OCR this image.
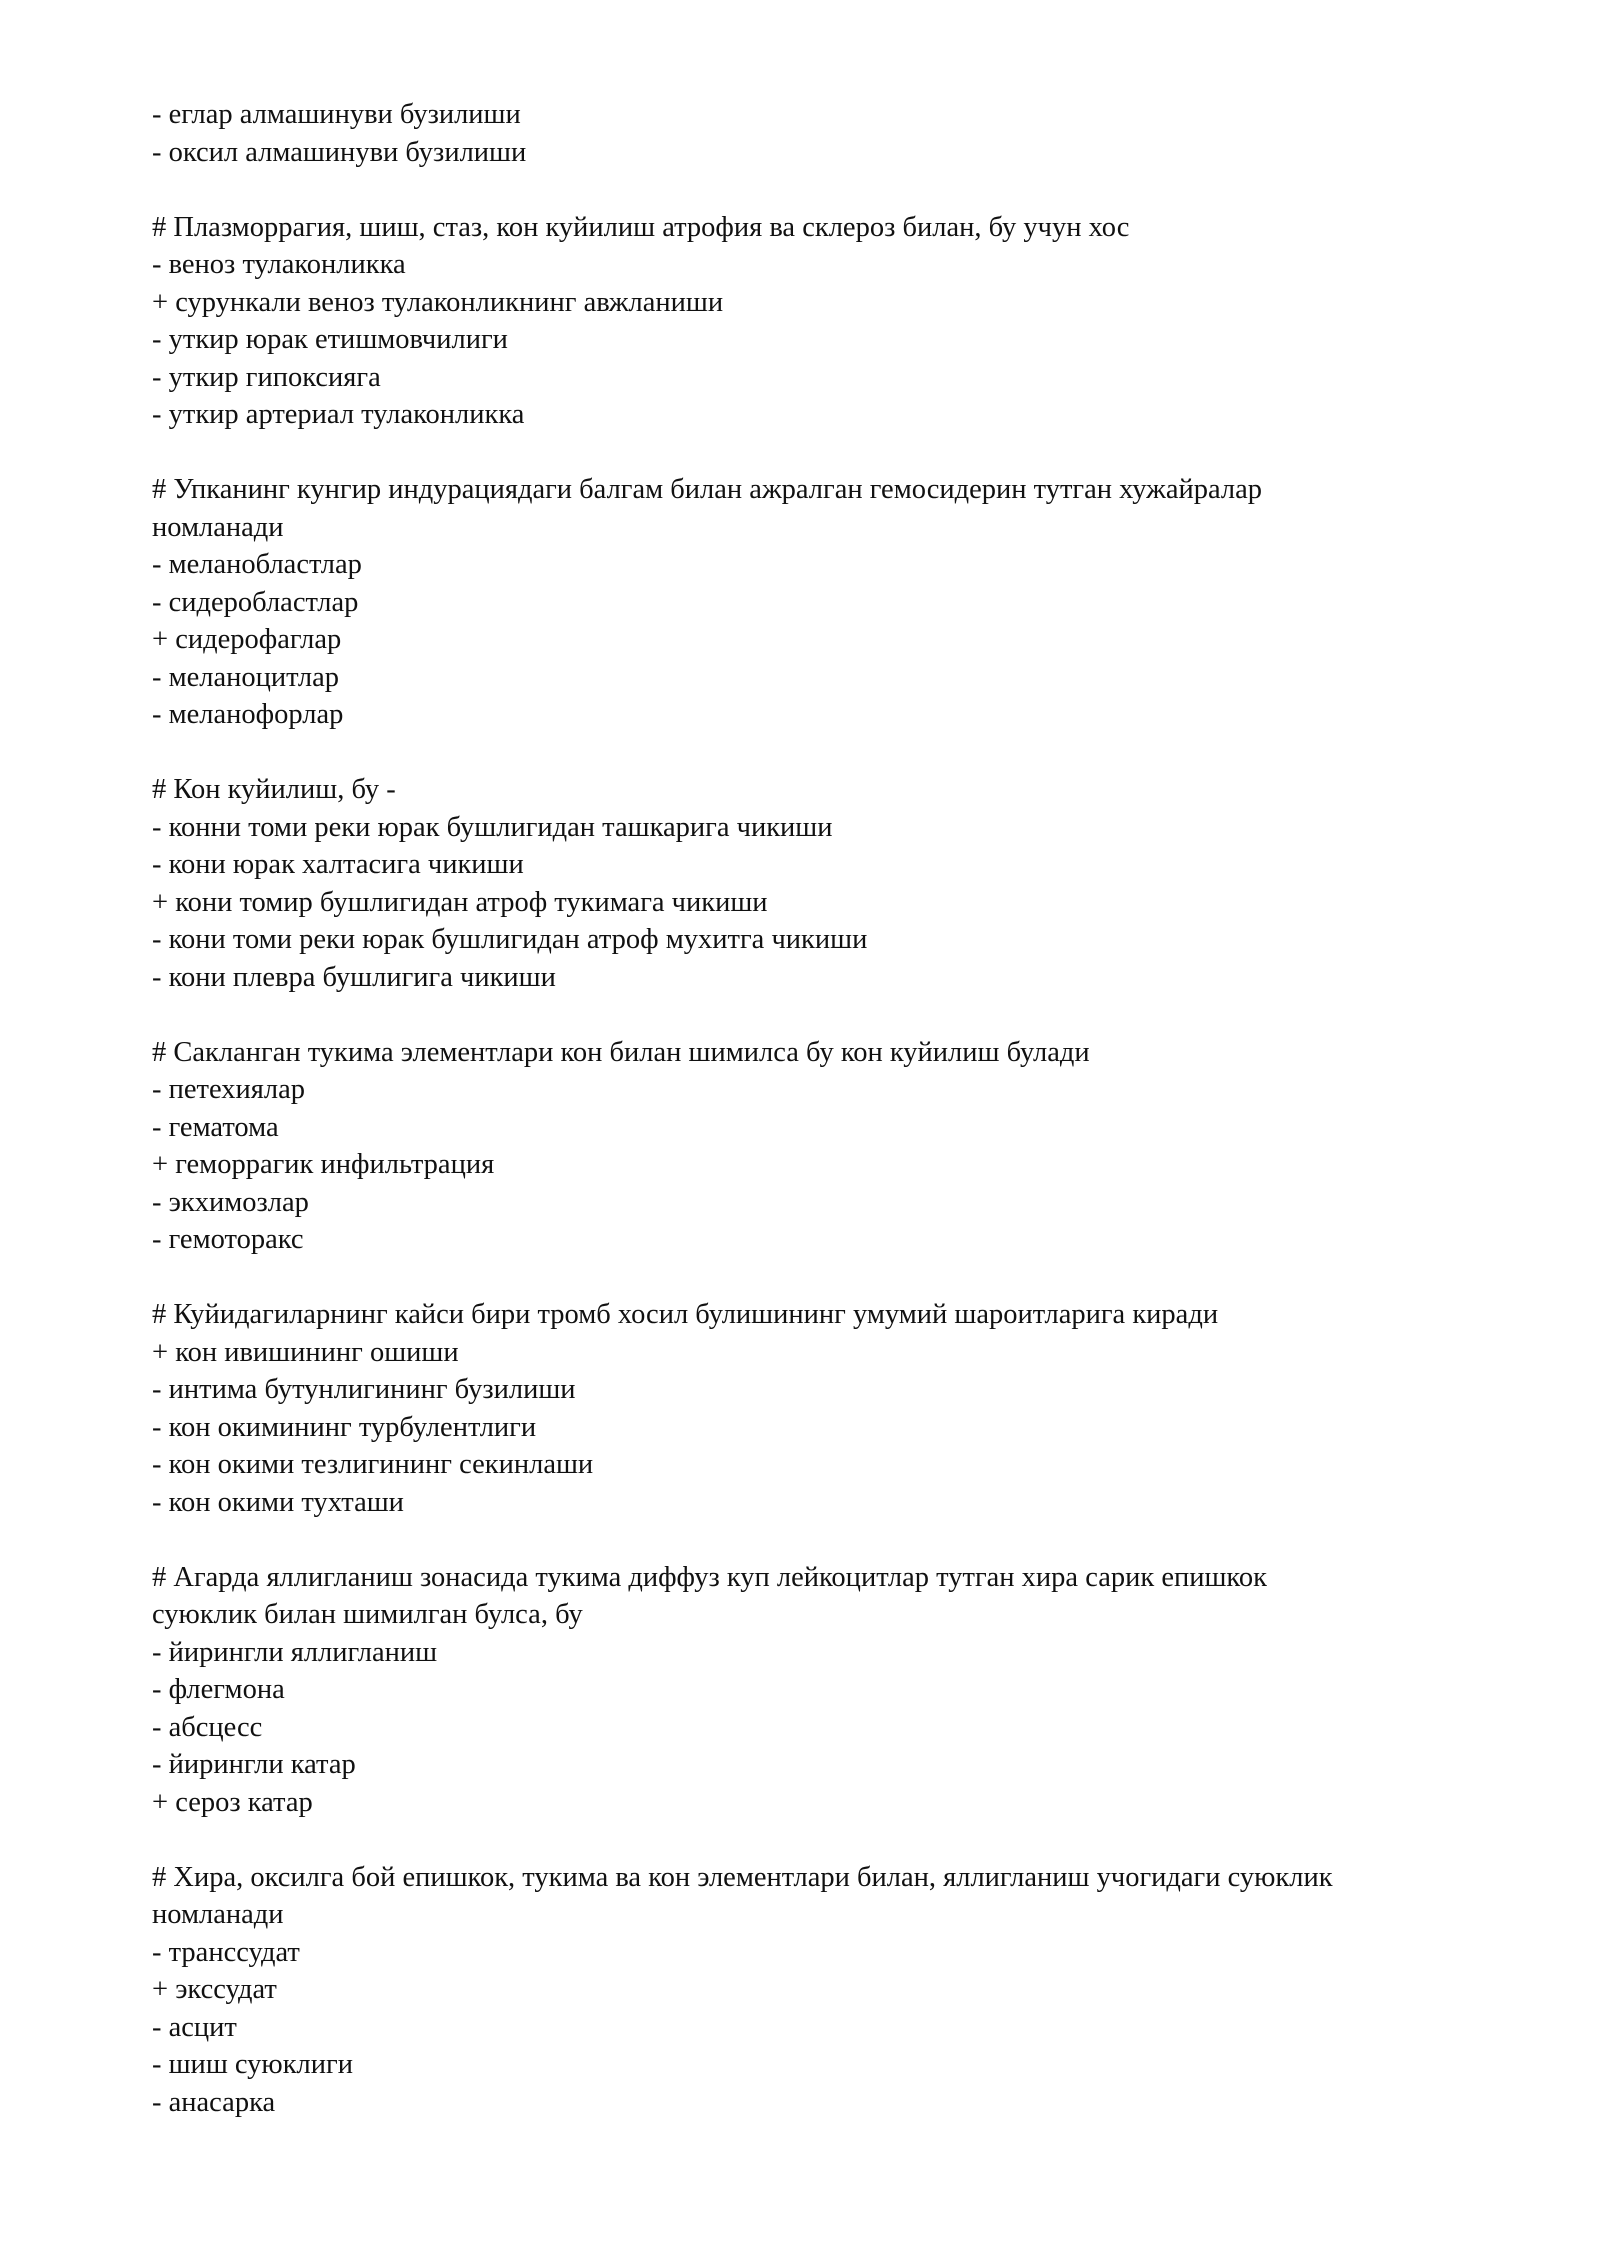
- еглар алмашинуви бузилиши
- оксил алмашинуви бузилиши
# Плазморрагия, шиш, стаз, кон куйилиш атрофия ва склероз билан, бу учун хос
- веноз тулаконликка
+ сурункали веноз тулаконликнинг авжланиши
- уткир юрак етишмовчилиги
- уткир гипоксияга
- уткир артериал тулаконликка
# Упканинг кунгир индурациядаги балгам билан ажралган гемосидерин тутган хужайралар
номланади
- меланобластлар
- сидеробластлар
+ сидерофаглар
- меланоцитлар
- меланофорлар
# Кон куйилиш, бу -
- конни томи реки юрак бушлигидан ташкарига чикиши
- кони юрак халтасига чикиши
+ кони томир бушлигидан атроф тукимага чикиши
- кони томи реки юрак бушлигидан атроф мухитга чикиши
- кони плевра бушлигига чикиши
# Сакланган тукима элементлари кон билан шимилса бу кон куйилиш булади
- петехиялар
- гематома
+ геморрагик инфильтрация
- экхимозлар
- гемоторакс
# Куйидагиларнинг кайси бири тромб хосил булишининг умумий шароитларига киради
+ кон ивишининг ошиши
- интима бутунлигининг бузилиши
- кон окимининг турбулентлиги
- кон окими тезлигининг секинлаши
- кон окими тухташи
# Агарда яллигланиш зонасида тукима диффуз куп лейкоцитлар тутган хира сарик епишкок
суюклик билан шимилган булса, бу
- йирингли яллигланиш
- флегмона
- абсцесс
- йирингли катар
+ сероз катар
# Хира, оксилга бой епишкок, тукима ва кон элементлари билан, яллигланиш учогидаги суюклик
номланади
- транссудат
+ экссудат
- асцит
- шиш суюклиги
- анасарка
